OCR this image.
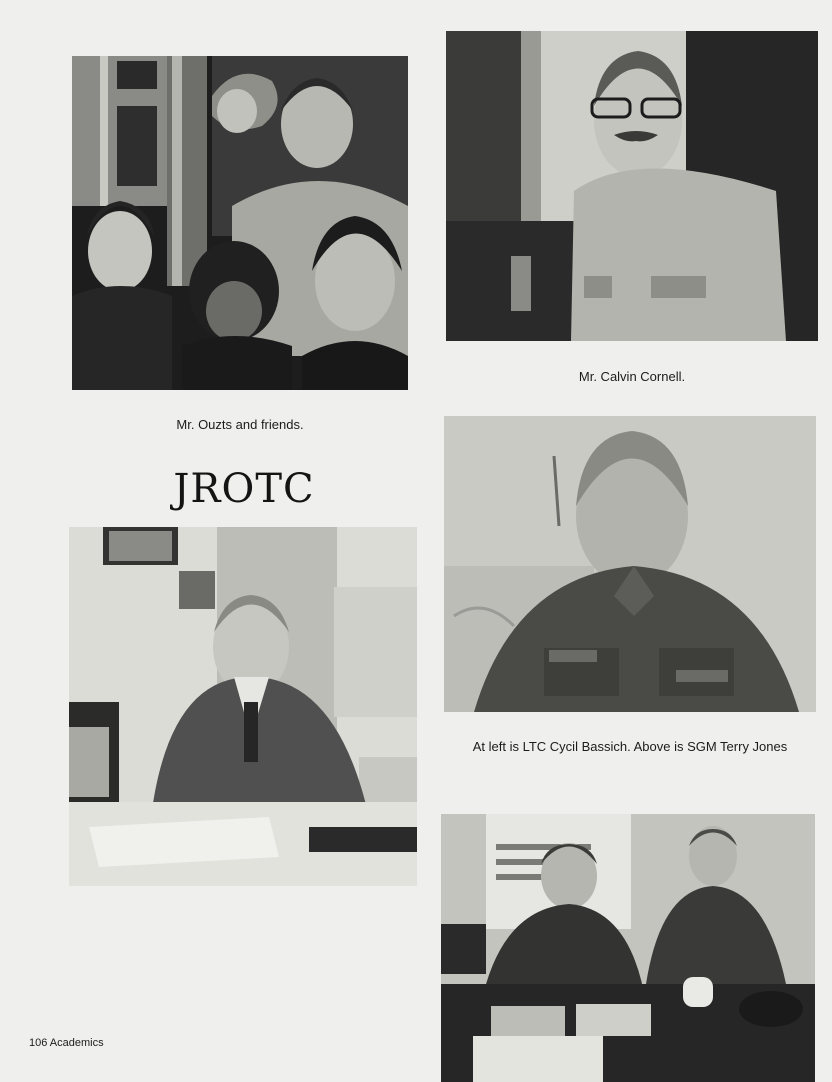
Mr. Ouzts and friends.
Mr. Calvin Cornell.
JROTC
At left is LTC Cycil Bassich. Above is SGM Terry Jones
106 Academics
